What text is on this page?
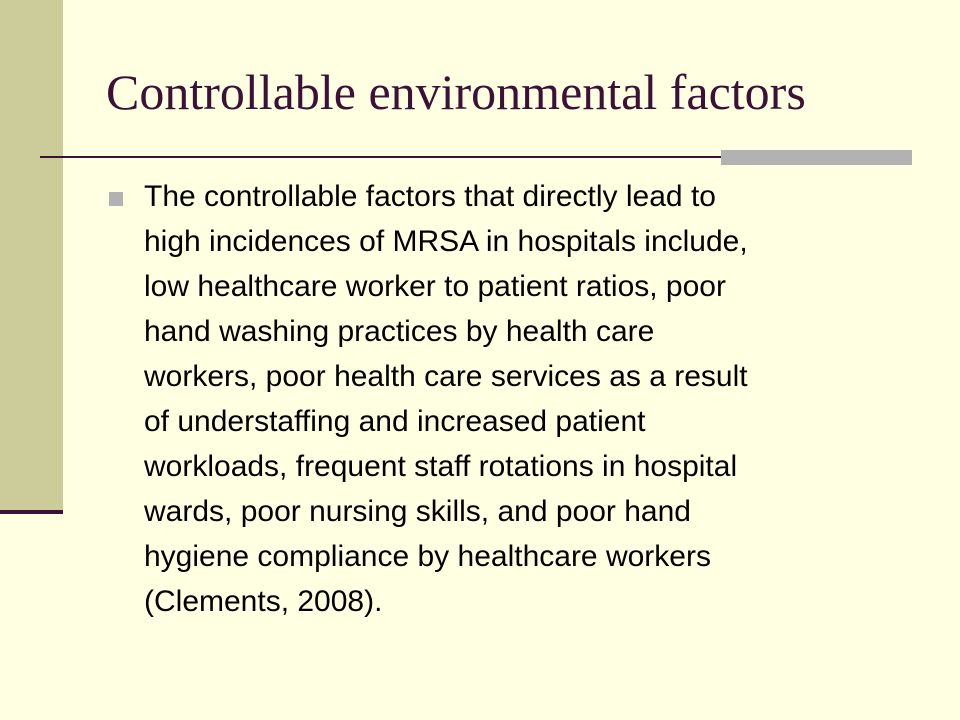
Controllable environmental factors
The controllable factors that directly lead to
high incidences of MRSA in hospitals include,
low healthcare worker to patient ratios, poor
hand washing practices by health care
workers, poor health care services as a result
of understaffing and increased patient
workloads, frequent staff rotations in hospital
wards, poor nursing skills, and poor hand
hygiene compliance by healthcare workers
(Clements, 2008).
